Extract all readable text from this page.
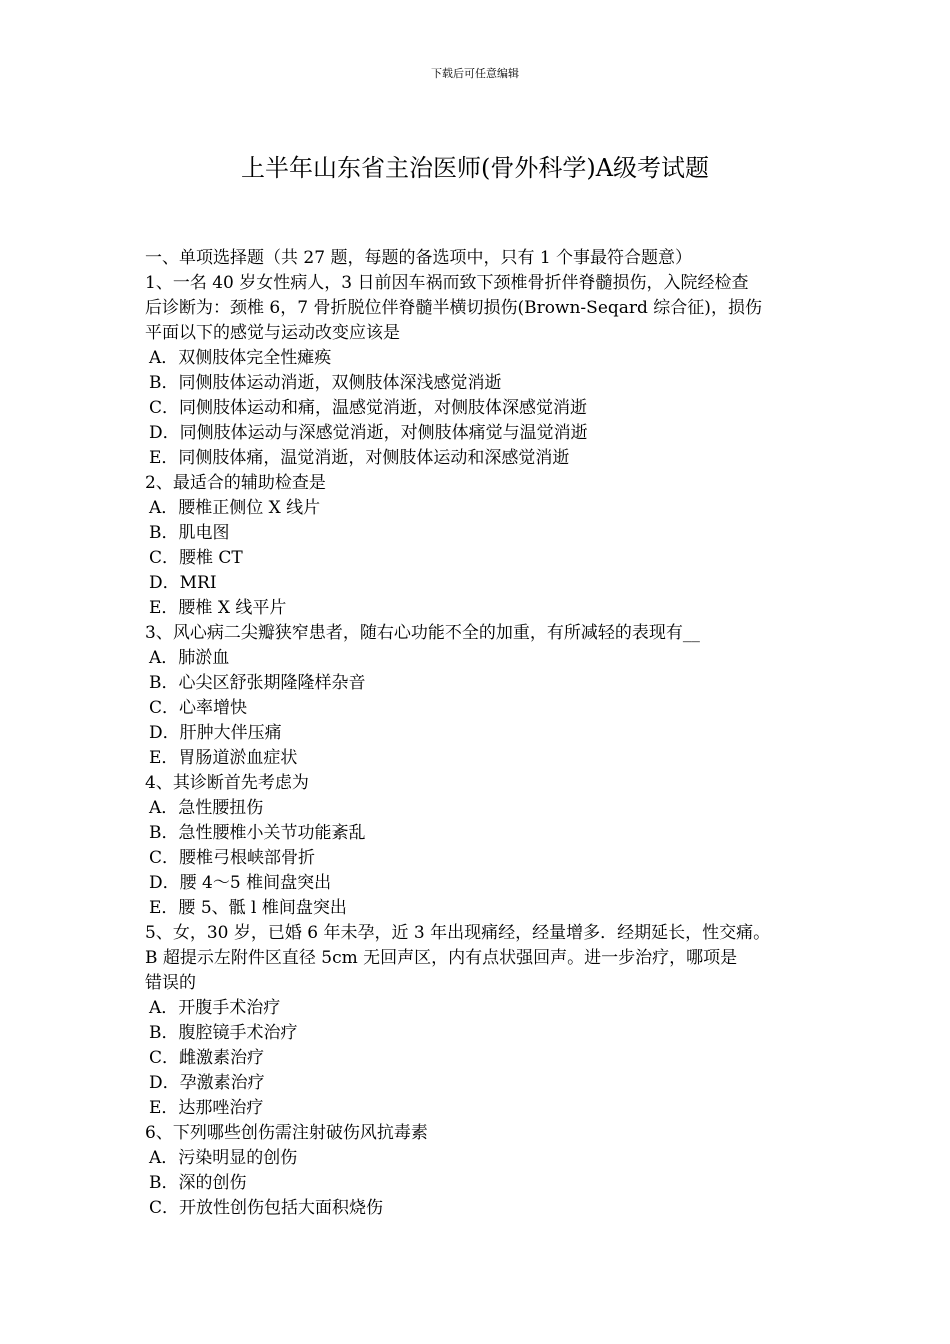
下载后可任意编辑
上半年山东省主治医师(骨外科学)A级考试题
一、单项选择题（共 27 题，每题的备选项中，只有 1 个事最符合题意）
1、一名 40 岁女性病人，3 日前因车祸而致下颈椎骨折伴脊髓损伤，入院经检查
后诊断为：颈椎 6，7 骨折脱位伴脊髓半横切损伤(Brown-Seqard 综合征)，损伤
平面以下的感觉与运动改变应该是
A．双侧肢体完全性瘫痪
B．同侧肢体运动消逝，双侧肢体深浅感觉消逝
C．同侧肢体运动和痛，温感觉消逝，对侧肢体深感觉消逝
D．同侧肢体运动与深感觉消逝，对侧肢体痛觉与温觉消逝
E．同侧肢体痛，温觉消逝，对侧肢体运动和深感觉消逝
2、最适合的辅助检查是
A．腰椎正侧位 X 线片
B．肌电图
C．腰椎 CT
D．MRI
E．腰椎 X 线平片
3、风心病二尖瓣狭窄患者，随右心功能不全的加重，有所减轻的表现有__
A．肺淤血
B．心尖区舒张期隆隆样杂音
C．心率增快
D．肝肿大伴压痛
E．胃肠道淤血症状
4、其诊断首先考虑为
A．急性腰扭伤
B．急性腰椎小关节功能紊乱
C．腰椎弓根峡部骨折
D．腰 4～5 椎间盘突出
E．腰 5、骶 l 椎间盘突出
5、女，30 岁，已婚 6 年未孕，近 3 年出现痛经，经量增多．经期延长，性交痛。
B 超提示左附件区直径 5cm 无回声区，内有点状强回声。进一步治疗，哪项是
错误的
A．开腹手术治疗
B．腹腔镜手术治疗
C．雌激素治疗
D．孕激素治疗
E．达那唑治疗
6、下列哪些创伤需注射破伤风抗毒素
A．污染明显的创伤
B．深的创伤
C．开放性创伤包括大面积烧伤
